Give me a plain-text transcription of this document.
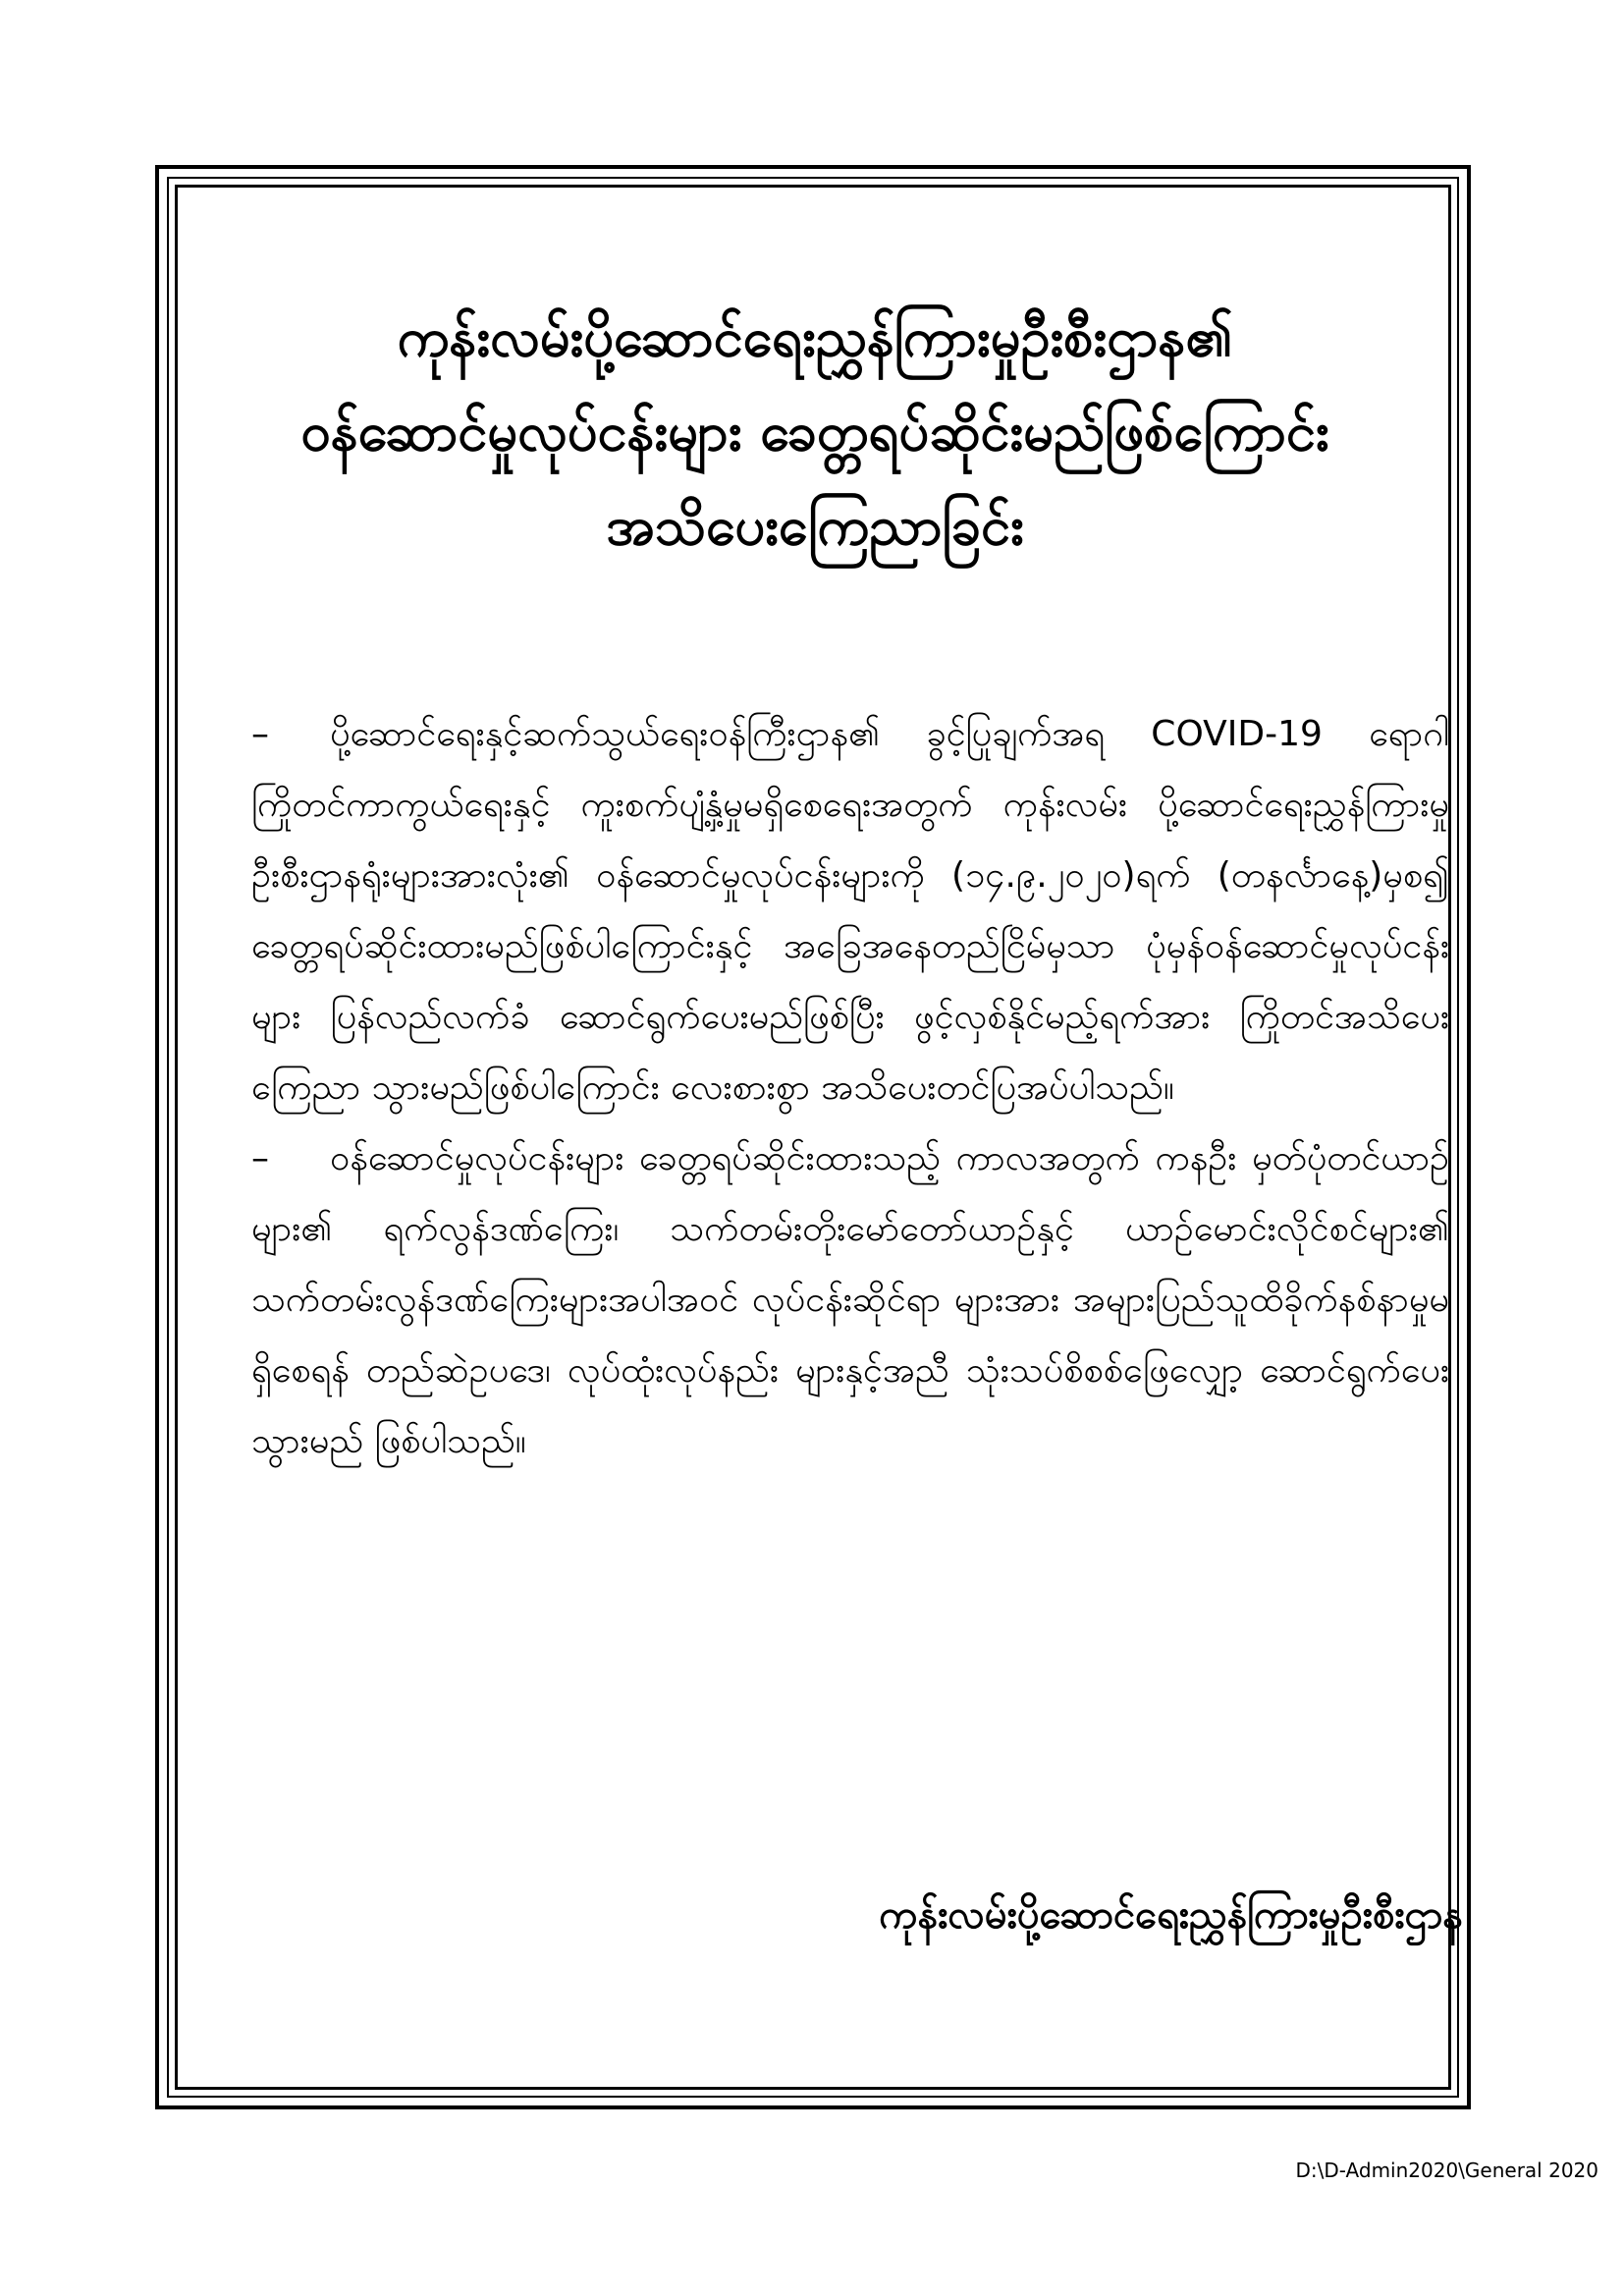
ကုန်းလမ်းပို့ဆောင်ရေးညွှန်ကြားမှုဦးစီးဌာန၏
ဝန်ဆောင်မှုလုပ်ငန်းများ ခေတ္တရပ်ဆိုင်းမည်ဖြစ်ကြောင်း
အသိပေးကြေညာခြင်း

– ပို့ဆောင်ရေးနှင့်ဆက်သွယ်ရေးဝန်ကြီးဌာန၏ ခွင့်ပြုချက်အရ COVID-19 ရောဂါ ကြိုတင်ကာကွယ်ရေးနှင့် ကူးစက်ပျံ့နှံ့မှုမရှိစေရေးအတွက် ကုန်းလမ်း ပို့ဆောင်ရေးညွှန်ကြားမှုဦးစီးဌာနရုံးများအားလုံး၏ ဝန်ဆောင်မှုလုပ်ငန်းများကို (၁၄.၉.၂၀၂၀)ရက် (တနင်္လာနေ့)မှစ၍ ခေတ္တရပ်ဆိုင်းထားမည်ဖြစ်ပါကြောင်းနှင့် အခြေအနေတည်ငြိမ်မှသာ ပုံမှန်ဝန်ဆောင်မှုလုပ်ငန်းများ ပြန်လည်လက်ခံ ဆောင်ရွက်ပေးမည်ဖြစ်ပြီး ဖွင့်လှစ်နိုင်မည့်ရက်အား ကြိုတင်အသိပေး ကြေညာ သွားမည်ဖြစ်ပါကြောင်း လေးစားစွာ အသိပေးတင်ပြအပ်ပါသည်။

– ဝန်ဆောင်မှုလုပ်ငန်းများ ခေတ္တရပ်ဆိုင်းထားသည့် ကာလအတွက် ကနဦး မှတ်ပုံတင်ယာဉ်များ၏ ရက်လွန်ဒဏ်ကြေး၊ သက်တမ်းတိုးမော်တော်ယာဉ်နှင့် ယာဉ်မောင်းလိုင်စင်များ၏ သက်တမ်းလွန်ဒဏ်ကြေးများအပါအဝင် လုပ်ငန်းဆိုင်ရာ များအား အများပြည်သူထိခိုက်နစ်နာမှုမရှိစေရန် တည်ဆဲဥပဒေ၊ လုပ်ထုံးလုပ်နည်း များနှင့်အညီ သုံးသပ်စိစစ်ဖြေလျှော့ ဆောင်ရွက်ပေးသွားမည် ဖြစ်ပါသည်။

ကုန်းလမ်းပို့ဆောင်ရေးညွှန်ကြားမှုဦးစီးဌာန
D:\D-Admin2020\General 2020
